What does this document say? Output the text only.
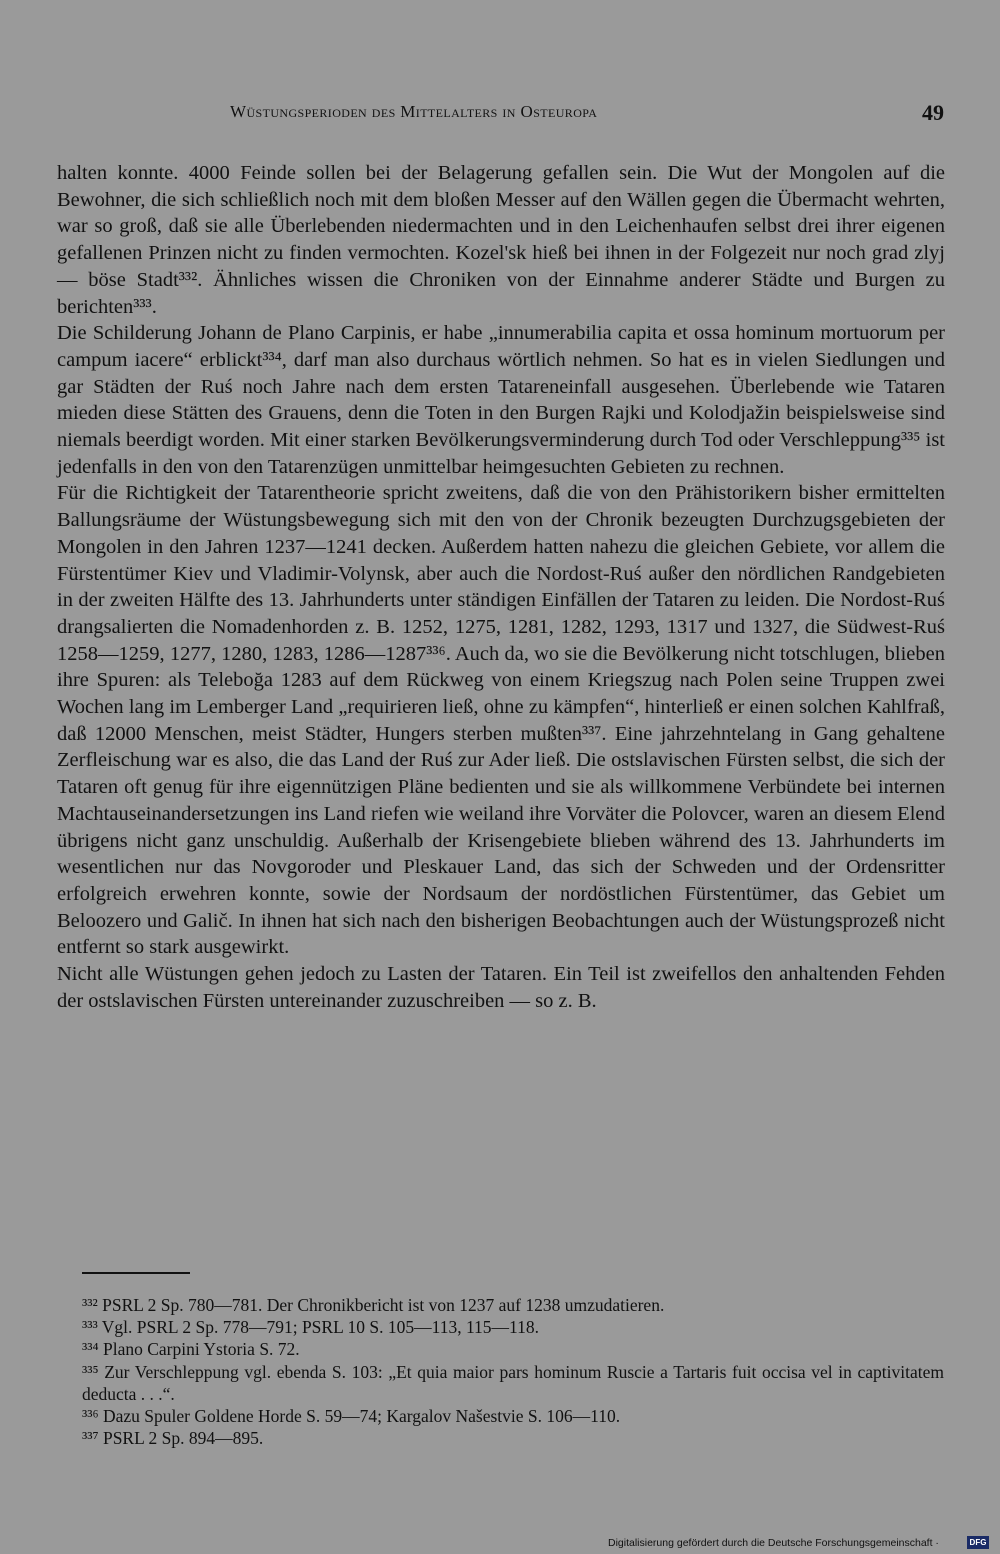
Wüstungsperioden des Mittelalters in Osteuropa	49

halten konnte. 4000 Feinde sollen bei der Belagerung gefallen sein. Die Wut der Mongolen auf die Bewohner, die sich schließlich noch mit dem bloßen Messer auf den Wällen gegen die Übermacht wehrten, war so groß, daß sie alle Überlebenden niedermachten und in den Leichenhaufen selbst drei ihrer eigenen gefallenen Prinzen nicht zu finden vermochten. Kozel'sk hieß bei ihnen in der Folgezeit nur noch grad zlyj — böse Stadt³³². Ähnliches wissen die Chroniken von der Einnahme anderer Städte und Burgen zu berichten³³³.

Die Schilderung Johann de Plano Carpinis, er habe „innumerabilia capita et ossa hominum mortuorum per campum iacere“ erblickt³³⁴, darf man also durchaus wörtlich nehmen. So hat es in vielen Siedlungen und gar Städten der Ruś noch Jahre nach dem ersten Tatareneinfall ausgesehen. Überlebende wie Tataren mieden diese Stätten des Grauens, denn die Toten in den Burgen Rajki und Kolodjažin beispielsweise sind niemals beerdigt worden. Mit einer starken Bevölkerungsverminderung durch Tod oder Verschleppung³³⁵ ist jedenfalls in den von den Tatarenzügen unmittelbar heimgesuchten Gebieten zu rechnen.

Für die Richtigkeit der Tatarentheorie spricht zweitens, daß die von den Prähistorikern bisher ermittelten Ballungsräume der Wüstungsbewegung sich mit den von der Chronik bezeugten Durchzugsgebieten der Mongolen in den Jahren 1237—1241 decken. Außerdem hatten nahezu die gleichen Gebiete, vor allem die Fürstentümer Kiev und Vladimir-Volynsk, aber auch die Nordost-Ruś außer den nördlichen Randgebieten in der zweiten Hälfte des 13. Jahrhunderts unter ständigen Einfällen der Tataren zu leiden. Die Nordost-Ruś drangsalierten die Nomadenhorden z. B. 1252, 1275, 1281, 1282, 1293, 1317 und 1327, die Südwest-Ruś 1258—1259, 1277, 1280, 1283, 1286—1287³³⁶. Auch da, wo sie die Bevölkerung nicht totschlugen, blieben ihre Spuren: als Teleboğa 1283 auf dem Rückweg von einem Kriegszug nach Polen seine Truppen zwei Wochen lang im Lemberger Land „requirieren ließ, ohne zu kämpfen“, hinterließ er einen solchen Kahlfraß, daß 12000 Menschen, meist Städter, Hungers sterben mußten³³⁷. Eine jahrzehntelang in Gang gehaltene Zerfleischung war es also, die das Land der Ruś zur Ader ließ. Die ostslavischen Fürsten selbst, die sich der Tataren oft genug für ihre eigennützigen Pläne bedienten und sie als willkommene Verbündete bei internen Machtauseinandersetzungen ins Land riefen wie weiland ihre Vorväter die Polovcer, waren an diesem Elend übrigens nicht ganz unschuldig. Außerhalb der Krisengebiete blieben während des 13. Jahrhunderts im wesentlichen nur das Novgoroder und Pleskauer Land, das sich der Schweden und der Ordensritter erfolgreich erwehren konnte, sowie der Nordsaum der nordöstlichen Fürstentümer, das Gebiet um Beloozero und Galič. In ihnen hat sich nach den bisherigen Beobachtungen auch der Wüstungsprozeß nicht entfernt so stark ausgewirkt.

Nicht alle Wüstungen gehen jedoch zu Lasten der Tataren. Ein Teil ist zweifellos den anhaltenden Fehden der ostslavischen Fürsten untereinander zuzuschreiben — so z. B.

³³² PSRL 2 Sp. 780—781. Der Chronikbericht ist von 1237 auf 1238 umzudatieren.

³³³ Vgl. PSRL 2 Sp. 778—791; PSRL 10 S. 105—113, 115—118.

³³⁴ Plano Carpini Ystoria S. 72.

³³⁵ Zur Verschleppung vgl. ebenda S. 103: „Et quia maior pars hominum Ruscie a Tartaris fuit occisa vel in captivitatem deducta . . .“.

³³⁶ Dazu Spuler Goldene Horde S. 59—74; Kargalov Našestvie S. 106—110.

³³⁷ PSRL 2 Sp. 894—895.

Digitalisierung gefördert durch die Deutsche Forschungsgemeinschaft ·	DFG
